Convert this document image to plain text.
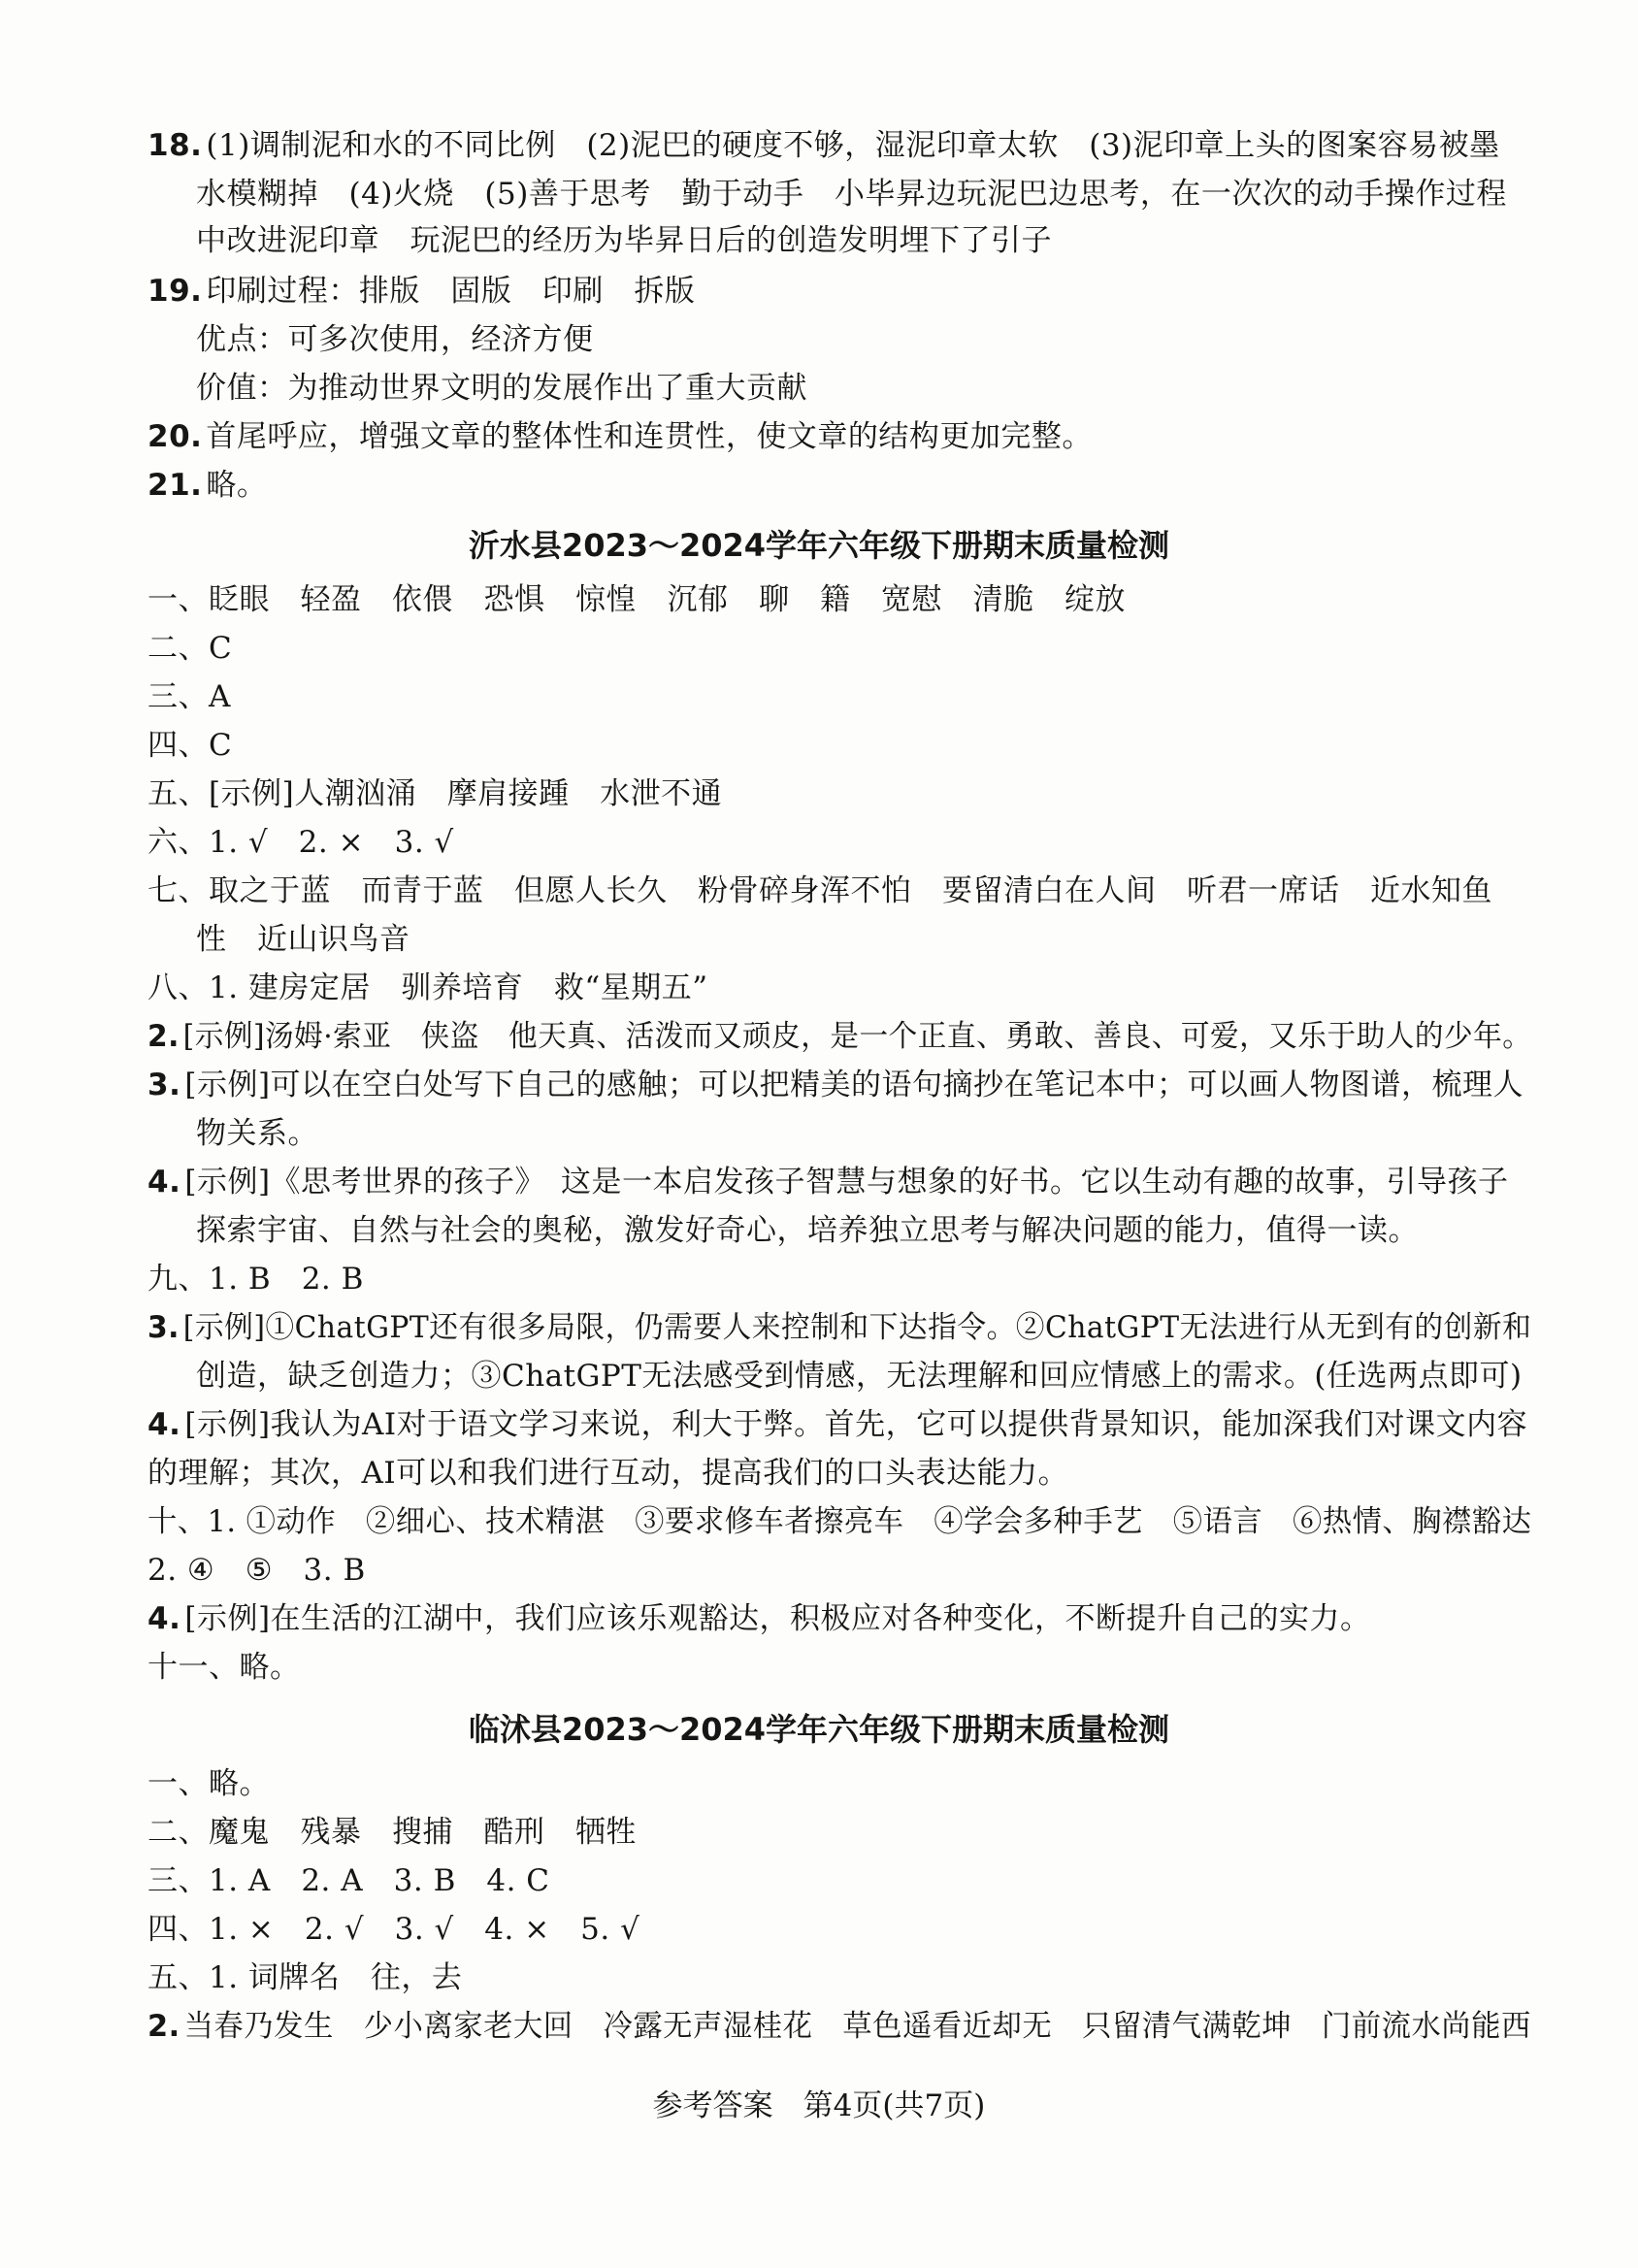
18. (1)调制泥和水的不同比例　(2)泥巴的硬度不够，湿泥印章太软　(3)泥印章上头的图案容易被墨
水模糊掉　(4)火烧　(5)善于思考　勤于动手　小毕昇边玩泥巴边思考，在一次次的动手操作过程
中改进泥印章　玩泥巴的经历为毕昇日后的创造发明埋下了引子
19. 印刷过程：排版　固版　印刷　拆版
优点：可多次使用，经济方便
价值：为推动世界文明的发展作出了重大贡献
20. 首尾呼应，增强文章的整体性和连贯性，使文章的结构更加完整。
21. 略。
沂水县2023～2024学年六年级下册期末质量检测
一、眨眼　轻盈　依偎　恐惧　惊惶　沉郁　聊　籍　宽慰　清脆　绽放
二、C
三、A
四、C
五、[示例]人潮汹涌　摩肩接踵　水泄不通
六、1. √　2. ×　3. √
七、取之于蓝　而青于蓝　但愿人长久　粉骨碎身浑不怕　要留清白在人间　听君一席话　近水知鱼
性　近山识鸟音
八、1. 建房定居　驯养培育　救“星期五”
2. [示例]汤姆·索亚　侠盗　他天真、活泼而又顽皮，是一个正直、勇敢、善良、可爱，又乐于助人的少年。
3. [示例]可以在空白处写下自己的感触；可以把精美的语句摘抄在笔记本中；可以画人物图谱，梳理人
物关系。
4. [示例]《思考世界的孩子》　这是一本启发孩子智慧与想象的好书。它以生动有趣的故事，引导孩子
探索宇宙、自然与社会的奥秘，激发好奇心，培养独立思考与解决问题的能力，值得一读。
九、1. B　2. B
3. [示例]①ChatGPT还有很多局限，仍需要人来控制和下达指令。②ChatGPT无法进行从无到有的创新和
创造，缺乏创造力；③ChatGPT无法感受到情感，无法理解和回应情感上的需求。(任选两点即可)
4. [示例]我认为AI对于语文学习来说，利大于弊。首先，它可以提供背景知识，能加深我们对课文内容
的理解；其次，AI可以和我们进行互动，提高我们的口头表达能力。
十、1. ①动作　②细心、技术精湛　③要求修车者擦亮车　④学会多种手艺　⑤语言　⑥热情、胸襟豁达
2. ④　⑤　3. B
4. [示例]在生活的江湖中，我们应该乐观豁达，积极应对各种变化，不断提升自己的实力。
十一、略。
临沭县2023～2024学年六年级下册期末质量检测
一、略。
二、魔鬼　残暴　搜捕　酷刑　牺牲
三、1. A　2. A　3. B　4. C
四、1. ×　2. √　3. √　4. ×　5. √
五、1. 词牌名　往，去
2. 当春乃发生　少小离家老大回　冷露无声湿桂花　草色遥看近却无　只留清气满乾坤　门前流水尚能西
参考答案　第4页(共7页)
